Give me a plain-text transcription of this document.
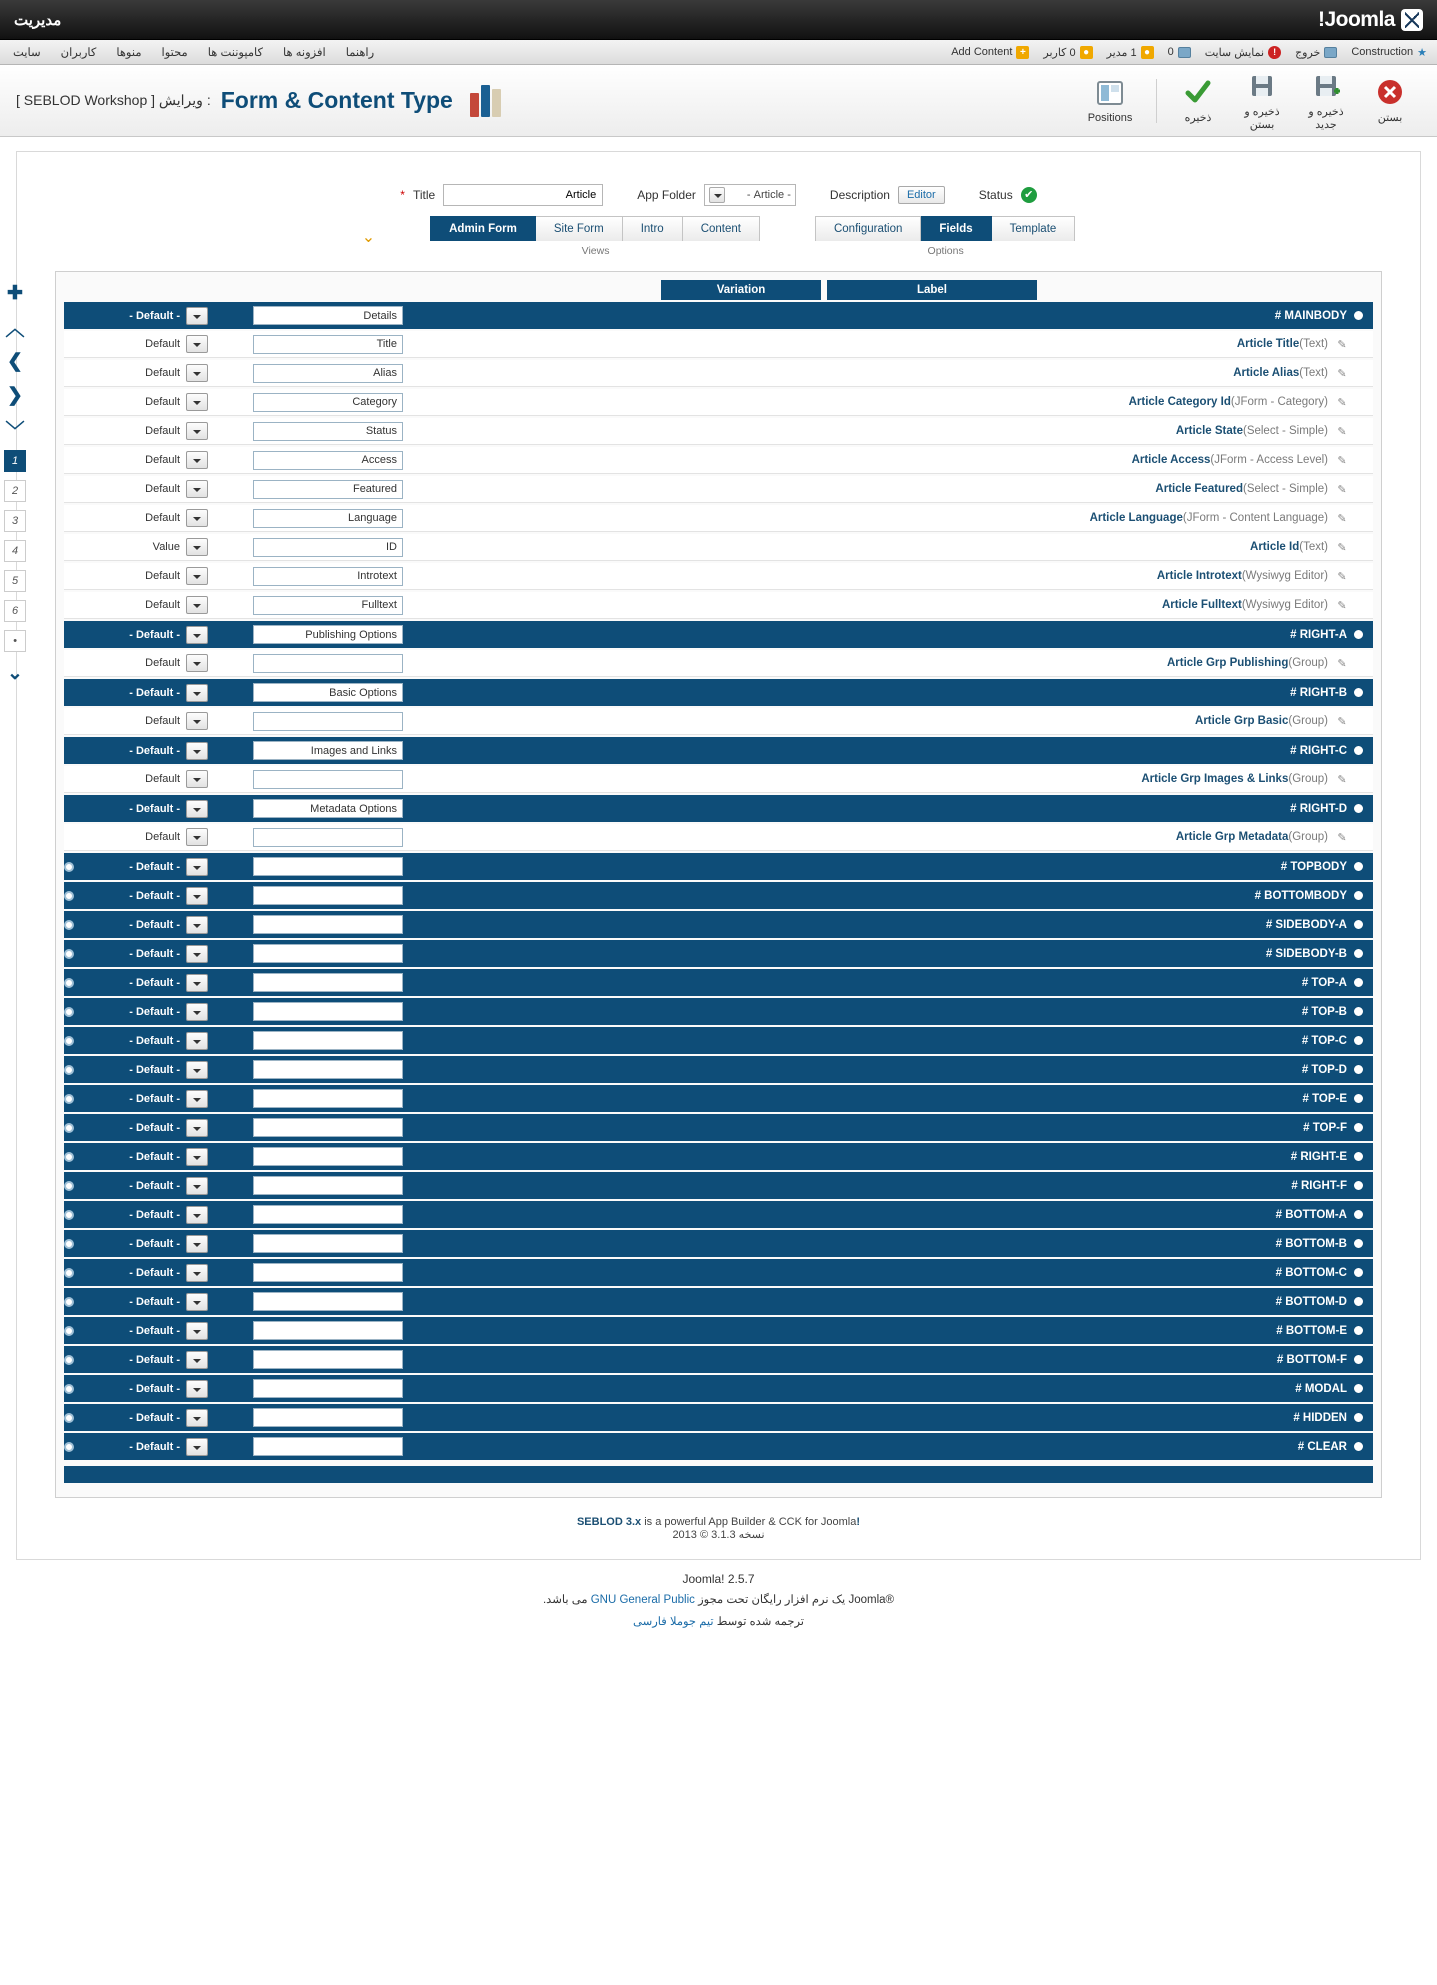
Joomla!
مدیریت
★
Construction
خروج
!
نمایش سایت
0
●
1 مدیر
●
0 کاربر
+
Add Content
راهنما
افزونه ها
کامپوننت ها
محتوا
منوها
کاربران
سایت
بستن
ذخیره و جدید
ذخیره و بستن
ذخیره
Positions
Form & Content Type
: ویرایش [ SEBLOD Workshop ]
✔
Status
Editor
Description
- Article -
App Folder
Article
Title
*
Template
Fields
Configuration
Options
Content
Intro
Site Form
Admin Form
Views
⌄
✚
︿
❯
❮
﹀
1
2
3
4
5
6
•
⌄
Label
Variation
MAINBODY #
Details
- Default -
✎
(Article Title(Text
Title
Default
✎
(Article Alias(Text
Alias
Default
✎
(Article Category Id(JForm - Category
Category
Default
✎
(Article State(Select - Simple
Status
Default
✎
(Article Access(JForm - Access Level
Access
Default
✎
(Article Featured(Select - Simple
Featured
Default
✎
(Article Language(JForm - Content Language
Language
Default
✎
(Article Id(Text
ID
Value
✎
(Article Introtext(Wysiwyg Editor
Introtext
Default
✎
(Article Fulltext(Wysiwyg Editor
Fulltext
Default
RIGHT-A #
Publishing Options
- Default -
✎
(Article Grp Publishing(Group
Default
RIGHT-B #
Basic Options
- Default -
✎
(Article Grp Basic(Group
Default
RIGHT-C #
Images and Links
- Default -
✎
(Article Grp Images & Links(Group
Default
RIGHT-D #
Metadata Options
- Default -
✎
(Article Grp Metadata(Group
Default
TOPBODY #
- Default -
BOTTOMBODY #
- Default -
SIDEBODY-A #
- Default -
SIDEBODY-B #
- Default -
TOP-A #
- Default -
TOP-B #
- Default -
TOP-C #
- Default -
TOP-D #
- Default -
TOP-E #
- Default -
TOP-F #
- Default -
RIGHT-E #
- Default -
RIGHT-F #
- Default -
BOTTOM-A #
- Default -
BOTTOM-B #
- Default -
BOTTOM-C #
- Default -
BOTTOM-D #
- Default -
BOTTOM-E #
- Default -
BOTTOM-F #
- Default -
MODAL #
- Default -
HIDDEN #
- Default -
CLEAR #
- Default -
!SEBLOD 3.x is a powerful App Builder & CCK for Joomla
نسخه 3.1.3 © 2013
Joomla! 2.5.7
®Joomla یک نرم افزار رایگان تحت مجوز GNU General Public می باشد.
ترجمه شده توسط تیم جوملا فارسی
